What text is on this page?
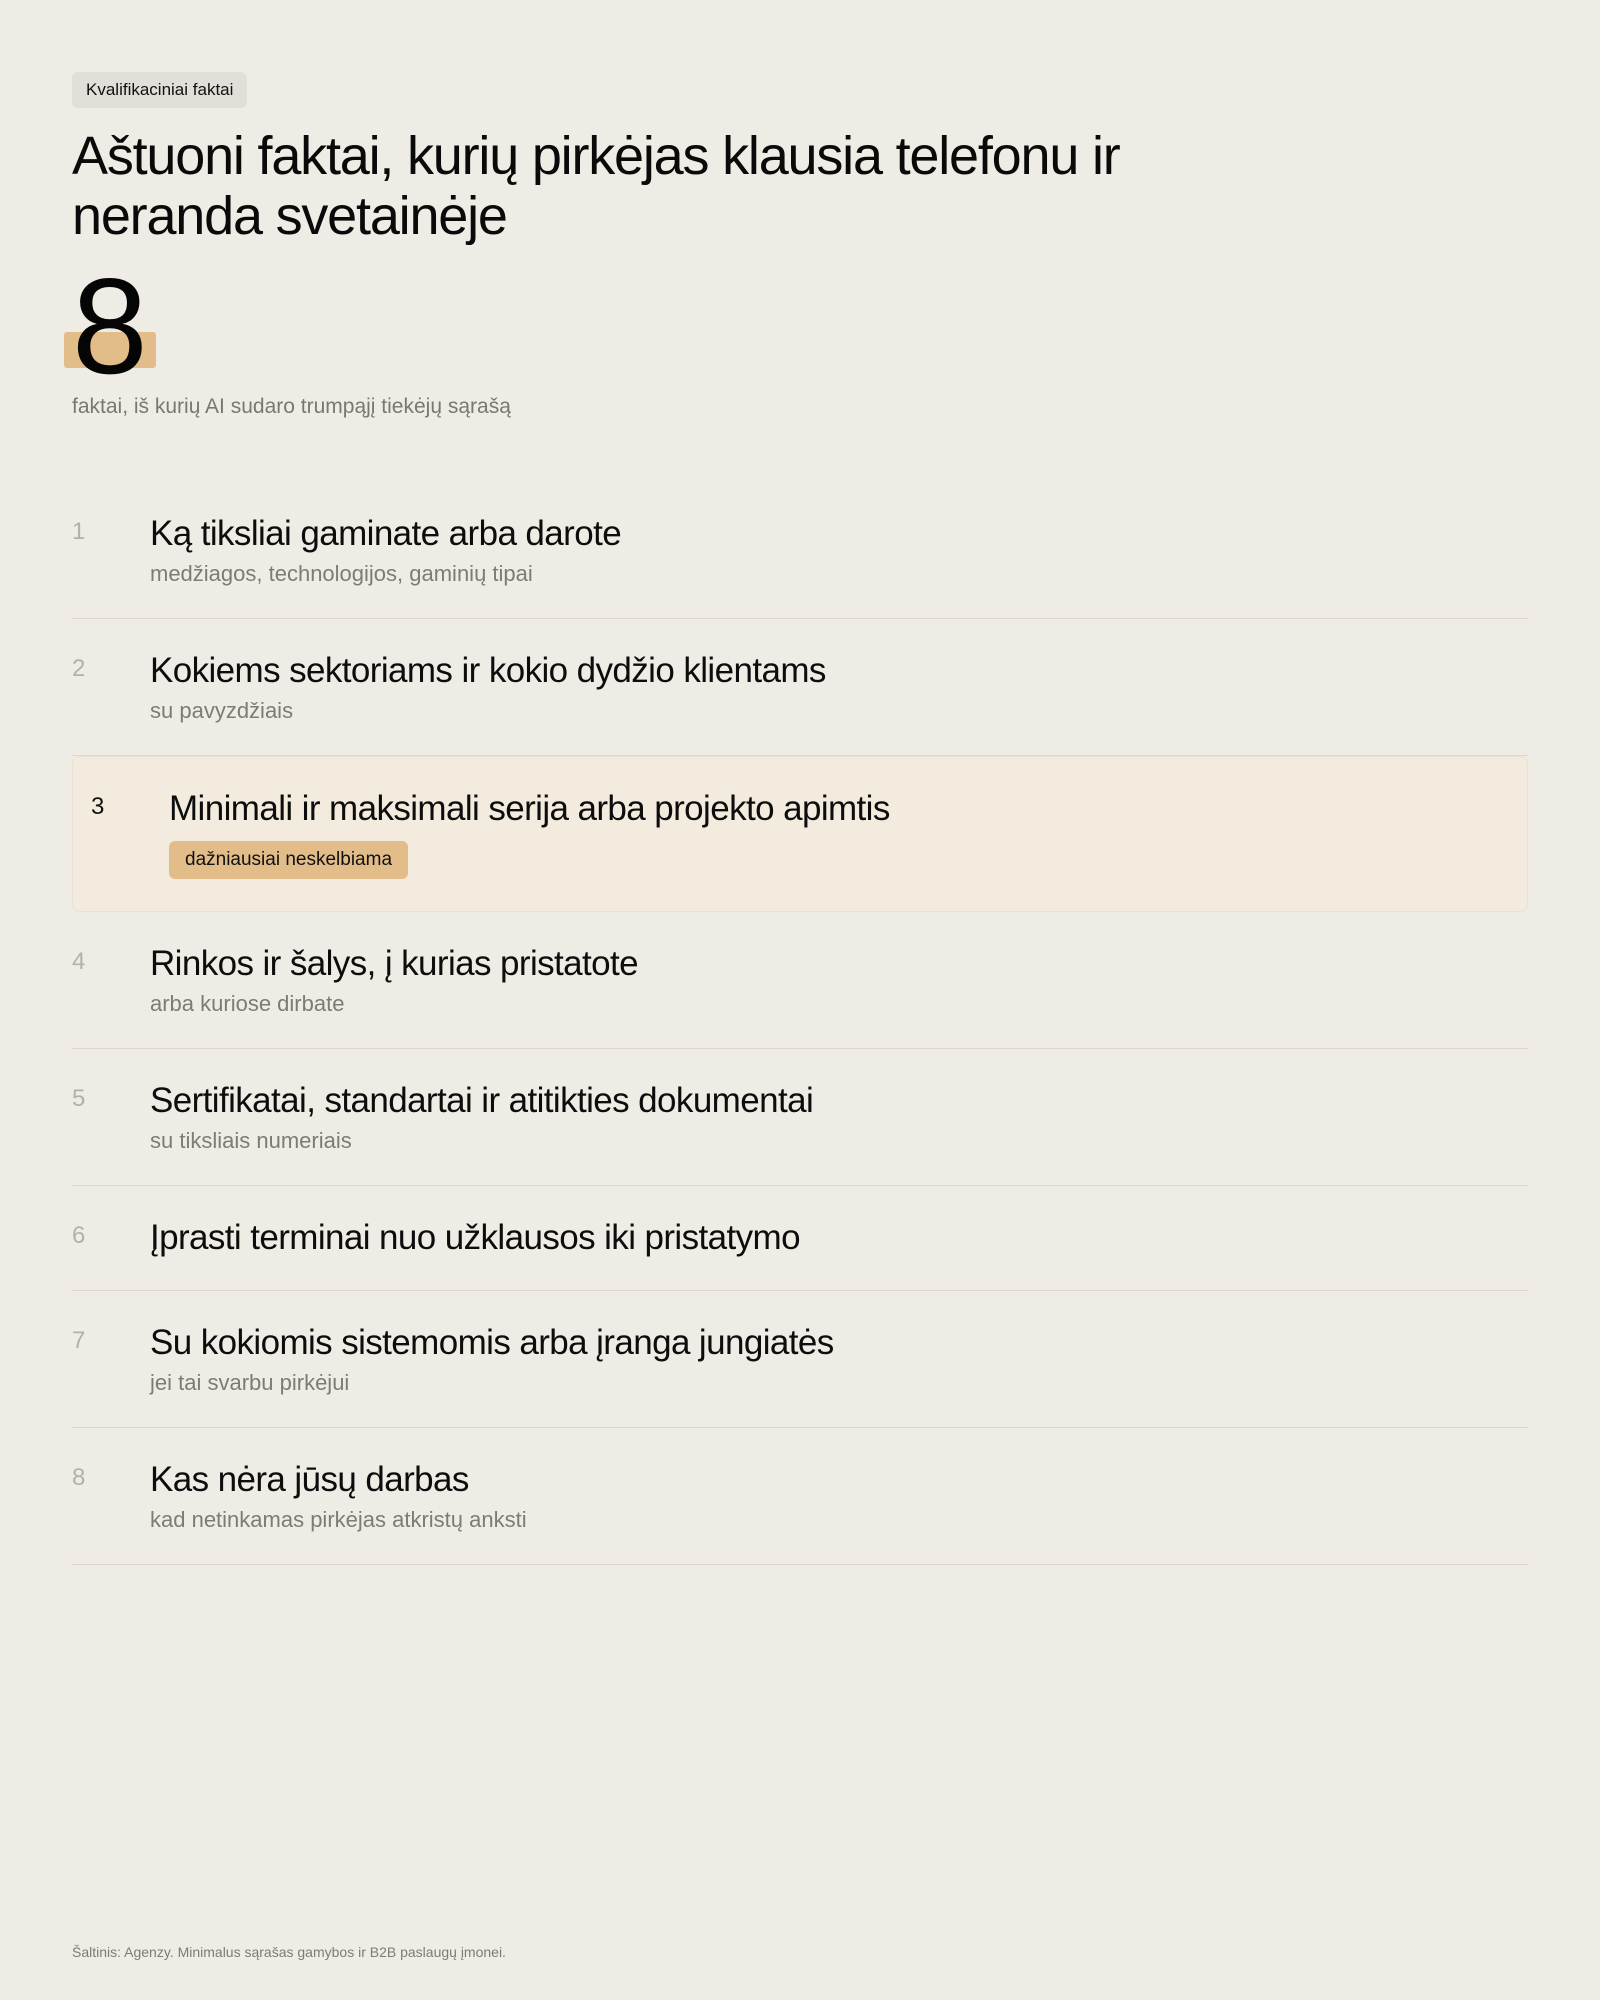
Kvalifikaciniai faktai
Aštuoni faktai, kurių pirkėjas klausia telefonu ir neranda svetainėje
8
faktai, iš kurių AI sudaro trumpąjį tiekėjų sąrašą
1 Ką tiksliai gaminate arba darote
medžiagos, technologijos, gaminių tipai
2 Kokiems sektoriams ir kokio dydžio klientams
su pavyzdžiais
3 Minimali ir maksimali serija arba projekto apimtis
dažniausiai neskelbiama
4 Rinkos ir šalys, į kurias pristatote
arba kuriose dirbate
5 Sertifikatai, standartai ir atitikties dokumentai
su tiksliais numeriais
6 Įprasti terminai nuo užklausos iki pristatymo
7 Su kokiomis sistemomis arba įranga jungiatės
jei tai svarbu pirkėjui
8 Kas nėra jūsų darbas
kad netinkamas pirkėjas atkristų anksti
Šaltinis: Agenzy. Minimalus sąrašas gamybos ir B2B paslaugų įmonei.
